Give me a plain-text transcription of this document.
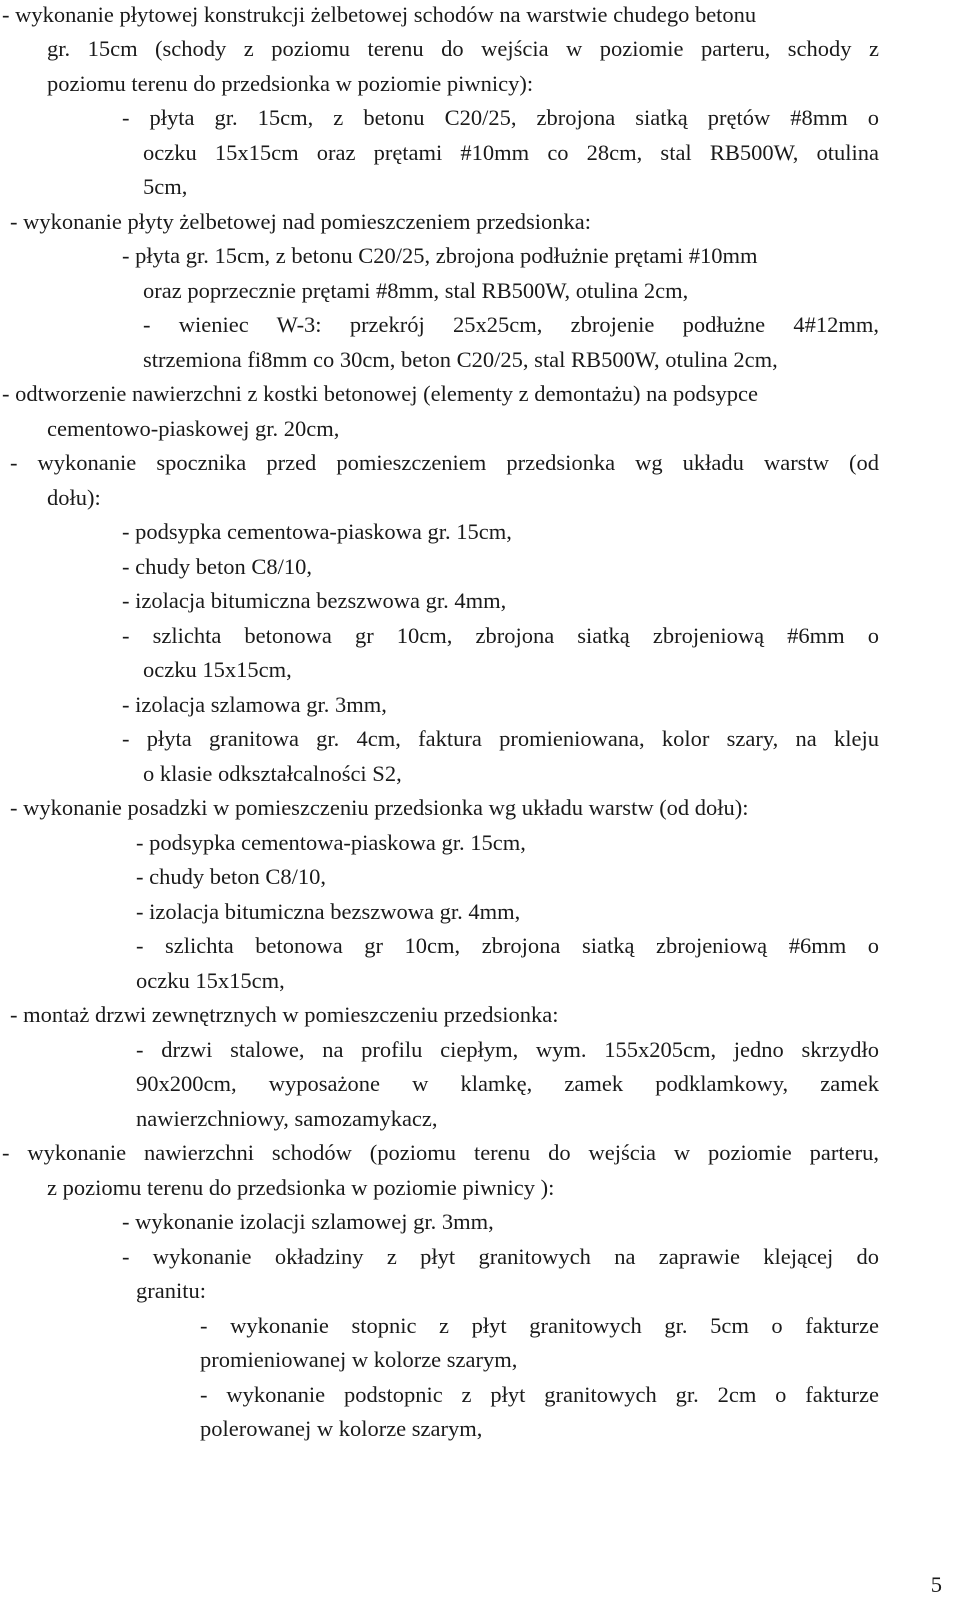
- wykonanie płytowej konstrukcji żelbetowej schodów na warstwie chudego betonu
gr. 15cm (schody z poziomu terenu do wejścia w poziomie parteru, schody z
poziomu terenu do przedsionka w poziomie piwnicy):
- płyta gr. 15cm, z betonu C20/25, zbrojona siatką prętów #8mm o
oczku 15x15cm oraz prętami #10mm co 28cm, stal RB500W, otulina
5cm,
- wykonanie płyty żelbetowej nad pomieszczeniem przedsionka:
- płyta gr. 15cm, z betonu C20/25, zbrojona podłużnie prętami #10mm
oraz poprzecznie prętami #8mm, stal RB500W, otulina 2cm,
- wieniec W-3: przekrój 25x25cm, zbrojenie podłużne 4#12mm,
strzemiona fi8mm co 30cm, beton C20/25, stal RB500W, otulina 2cm,
- odtworzenie nawierzchni z kostki betonowej (elementy z demontażu) na podsypce
cementowo-piaskowej gr. 20cm,
- wykonanie spocznika przed pomieszczeniem przedsionka wg układu warstw (od
dołu):
- podsypka cementowa-piaskowa gr. 15cm,
- chudy beton C8/10,
- izolacja bitumiczna bezszwowa gr. 4mm,
- szlichta betonowa gr 10cm, zbrojona siatką zbrojeniową #6mm o
oczku 15x15cm,
- izolacja szlamowa gr. 3mm,
- płyta granitowa gr. 4cm, faktura promieniowana, kolor szary, na kleju
o klasie odkształcalności S2,
- wykonanie posadzki w pomieszczeniu przedsionka wg układu warstw (od dołu):
- podsypka cementowa-piaskowa gr. 15cm,
- chudy beton C8/10,
- izolacja bitumiczna bezszwowa gr. 4mm,
- szlichta betonowa gr 10cm, zbrojona siatką zbrojeniową #6mm o
oczku 15x15cm,
- montaż drzwi zewnętrznych w pomieszczeniu przedsionka:
- drzwi stalowe, na profilu ciepłym, wym. 155x205cm, jedno skrzydło
90x200cm, wyposażone w klamkę, zamek podklamkowy, zamek
nawierzchniowy, samozamykacz,
- wykonanie nawierzchni schodów (poziomu terenu do wejścia w poziomie parteru,
z poziomu terenu do przedsionka w poziomie piwnicy ):
- wykonanie izolacji szlamowej gr. 3mm,
- wykonanie okładziny z płyt granitowych na zaprawie klejącej do
granitu:
- wykonanie stopnic z płyt granitowych gr. 5cm o fakturze
promieniowanej w kolorze szarym,
- wykonanie podstopnic z płyt granitowych gr. 2cm o fakturze
polerowanej w kolorze szarym,
5
